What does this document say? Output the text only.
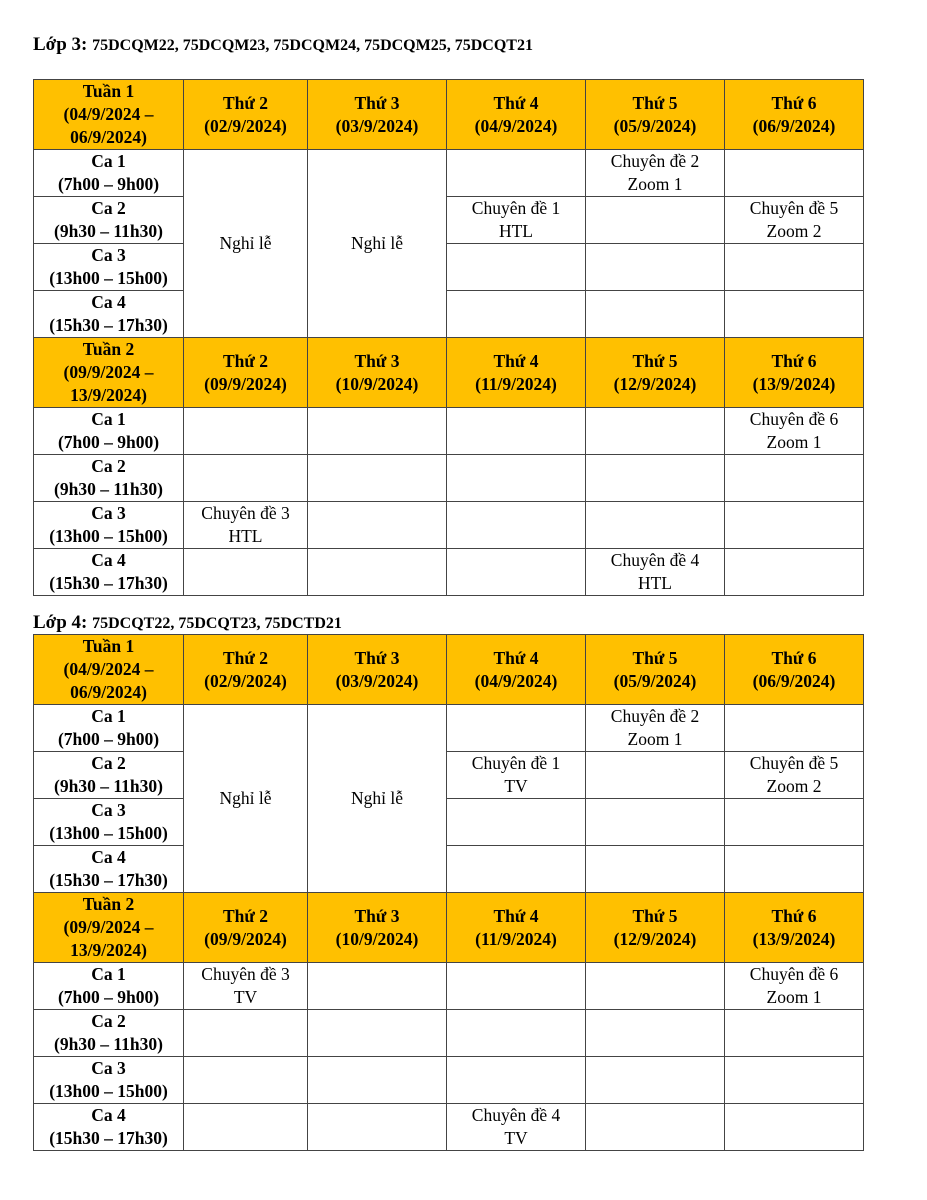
Lớp 3: 75DCQM22, 75DCQM23, 75DCQM24, 75DCQM25, 75DCQT21
Tuần 1
(04/9/2024 –
06/9/2024)	Thứ 2
(02/9/2024)	Thứ 3
(03/9/2024)	Thứ 4
(04/9/2024)	Thứ 5
(05/9/2024)	Thứ 6
(06/9/2024)

Ca 1
(7h00 – 9h00)	Nghỉ lễ	Nghỉ lễ		Chuyên đề 2
Zoom 1	

Ca 2
(9h30 – 11h30)			Chuyên đề 1
HTL		Chuyên đề 5
Zoom 2

Ca 3
(13h00 – 15h00)					

Ca 4
(15h30 – 17h30)					

Tuần 2
(09/9/2024 –
13/9/2024)	Thứ 2
(09/9/2024)	Thứ 3
(10/9/2024)	Thứ 4
(11/9/2024)	Thứ 5
(12/9/2024)	Thứ 6
(13/9/2024)

Ca 1
(7h00 – 9h00)					Chuyên đề 6
Zoom 1

Ca 2
(9h30 – 11h30)					

Ca 3
(13h00 – 15h00)	Chuyên đề 3
HTL				

Ca 4
(15h30 – 17h30)				Chuyên đề 4
HTL	

Lớp 4: 75DCQT22, 75DCQT23, 75DCTD21
Tuần 1
(04/9/2024 –
06/9/2024)	Thứ 2
(02/9/2024)	Thứ 3
(03/9/2024)	Thứ 4
(04/9/2024)	Thứ 5
(05/9/2024)	Thứ 6
(06/9/2024)

Ca 1
(7h00 – 9h00)	Nghỉ lễ	Nghỉ lễ		Chuyên đề 2
Zoom 1	

Ca 2
(9h30 – 11h30)			Chuyên đề 1
TV		Chuyên đề 5
Zoom 2

Ca 3
(13h00 – 15h00)					

Ca 4
(15h30 – 17h30)					

Tuần 2
(09/9/2024 –
13/9/2024)	Thứ 2
(09/9/2024)	Thứ 3
(10/9/2024)	Thứ 4
(11/9/2024)	Thứ 5
(12/9/2024)	Thứ 6
(13/9/2024)

Ca 1
(7h00 – 9h00)	Chuyên đề 3
TV				Chuyên đề 6
Zoom 1

Ca 2
(9h30 – 11h30)					

Ca 3
(13h00 – 15h00)					

Ca 4
(15h30 – 17h30)			Chuyên đề 4
TV		
